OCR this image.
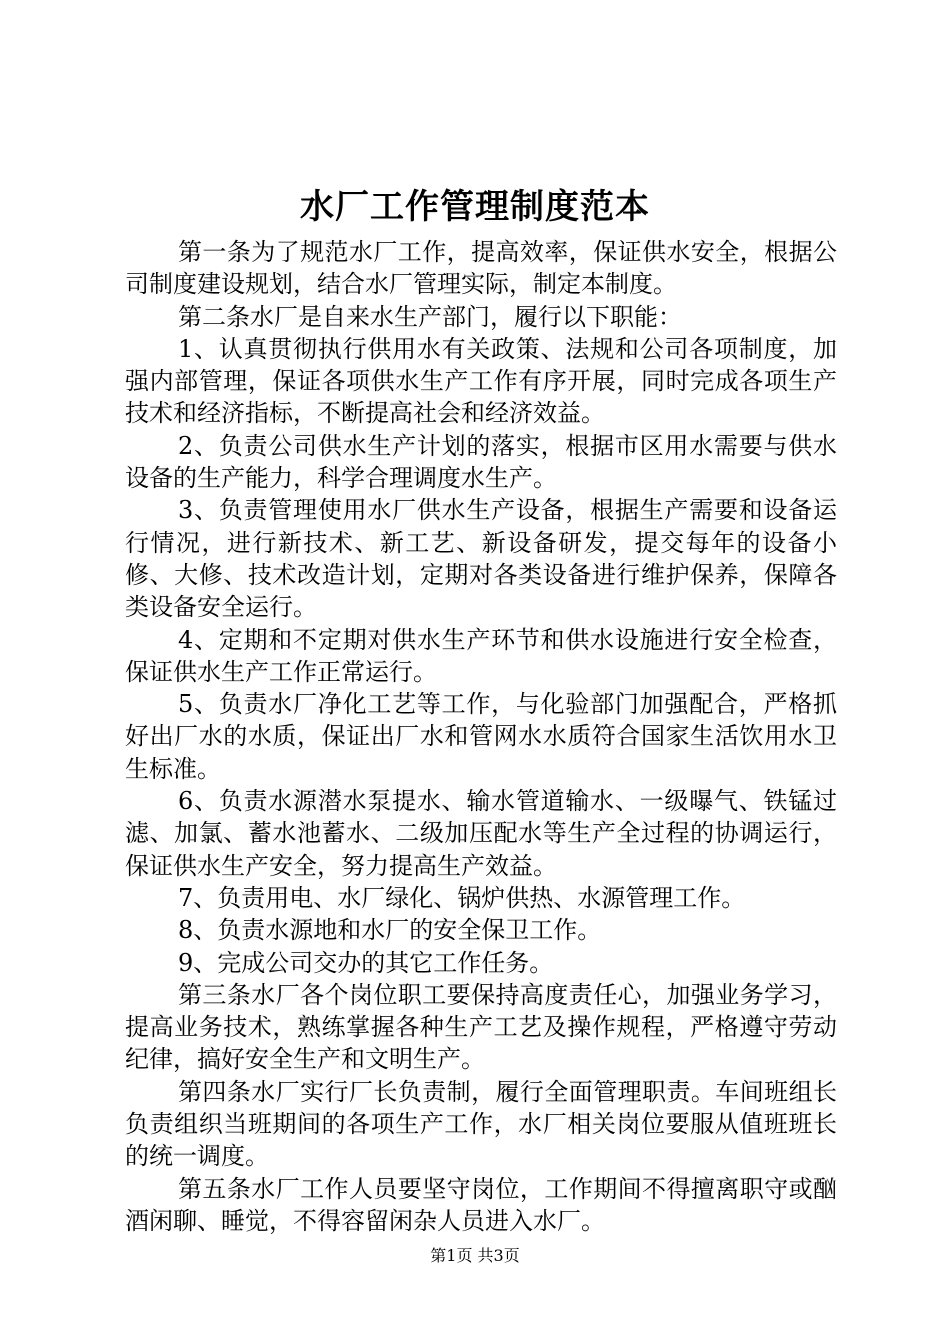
水厂工作管理制度范本

第一条为了规范水厂工作，提高效率，保证供水安全，根据公司制度建设规划，结合水厂管理实际，制定本制度。

第二条水厂是自来水生产部门，履行以下职能：

1、认真贯彻执行供用水有关政策、法规和公司各项制度，加强内部管理，保证各项供水生产工作有序开展，同时完成各项生产技术和经济指标，不断提高社会和经济效益。

2、负责公司供水生产计划的落实，根据市区用水需要与供水设备的生产能力，科学合理调度水生产。

3、负责管理使用水厂供水生产设备，根据生产需要和设备运行情况，进行新技术、新工艺、新设备研发，提交每年的设备小修、大修、技术改造计划，定期对各类设备进行维护保养，保障各类设备安全运行。

4、定期和不定期对供水生产环节和供水设施进行安全检查，保证供水生产工作正常运行。

5、负责水厂净化工艺等工作，与化验部门加强配合，严格抓好出厂水的水质，保证出厂水和管网水水质符合国家生活饮用水卫生标准。

6、负责水源潜水泵提水、输水管道输水、一级曝气、铁锰过滤、加氯、蓄水池蓄水、二级加压配水等生产全过程的协调运行，保证供水生产安全，努力提高生产效益。

7、负责用电、水厂绿化、锅炉供热、水源管理工作。

8、负责水源地和水厂的安全保卫工作。

9、完成公司交办的其它工作任务。

第三条水厂各个岗位职工要保持高度责任心，加强业务学习，提高业务技术，熟练掌握各种生产工艺及操作规程，严格遵守劳动纪律，搞好安全生产和文明生产。

第四条水厂实行厂长负责制，履行全面管理职责。车间班组长负责组织当班期间的各项生产工作，水厂相关岗位要服从值班班长的统一调度。

第五条水厂工作人员要坚守岗位，工作期间不得擅离职守或酗酒闲聊、睡觉，不得容留闲杂人员进入水厂。

第1页 共3页
